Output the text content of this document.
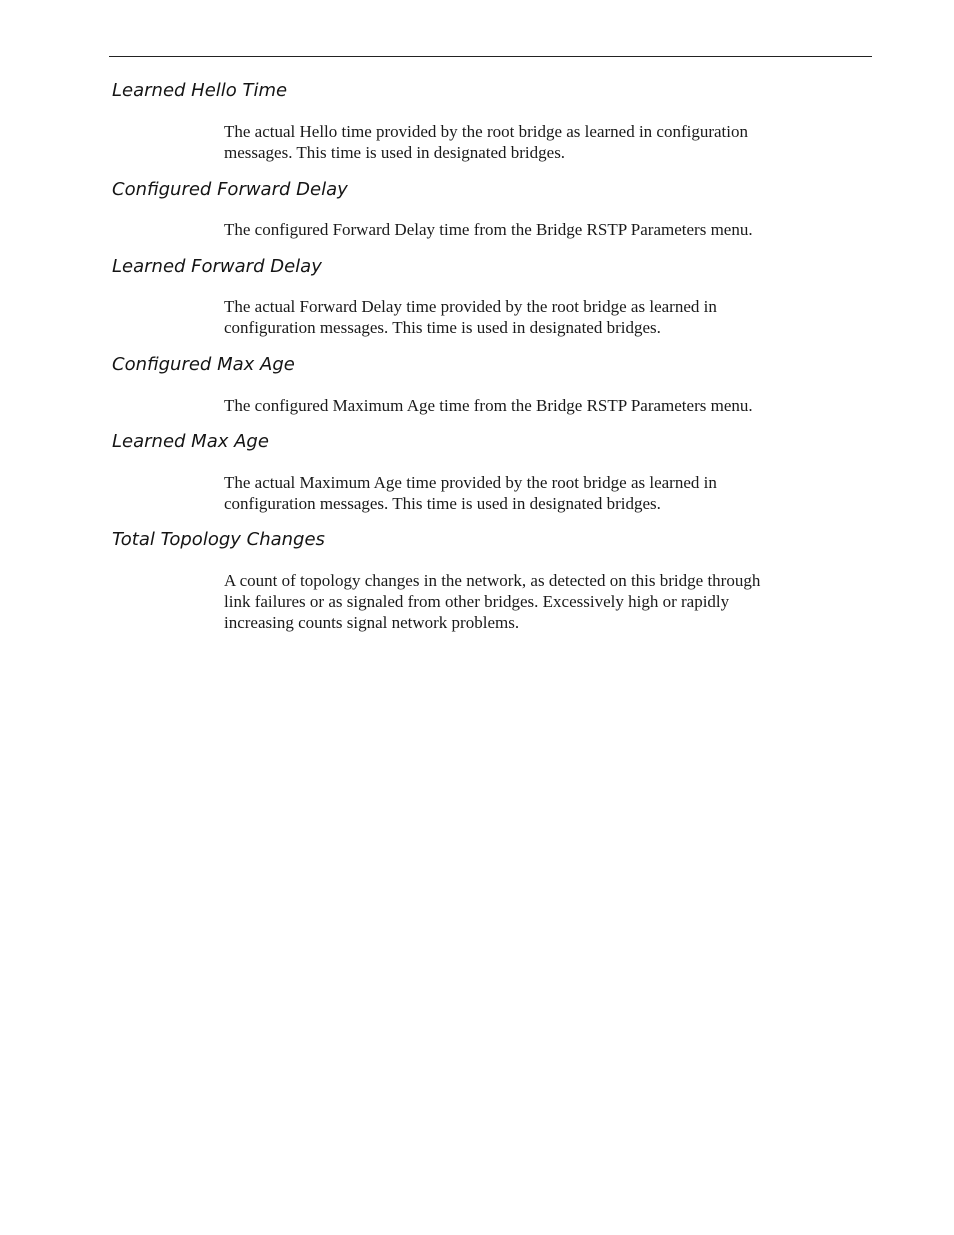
Learned Hello Time

The actual Hello time provided by the root bridge as learned in configuration
messages. This time is used in designated bridges.

Configured Forward Delay

The configured Forward Delay time from the Bridge RSTP Parameters menu.

Learned Forward Delay

The actual Forward Delay time provided by the root bridge as learned in
configuration messages. This time is used in designated bridges.

Configured Max Age

The configured Maximum Age time from the Bridge RSTP Parameters menu.

Learned Max Age

The actual Maximum Age time provided by the root bridge as learned in
configuration messages. This time is used in designated bridges.

Total Topology Changes

A count of topology changes in the network, as detected on this bridge through
link failures or as signaled from other bridges. Excessively high or rapidly
increasing counts signal network problems.
